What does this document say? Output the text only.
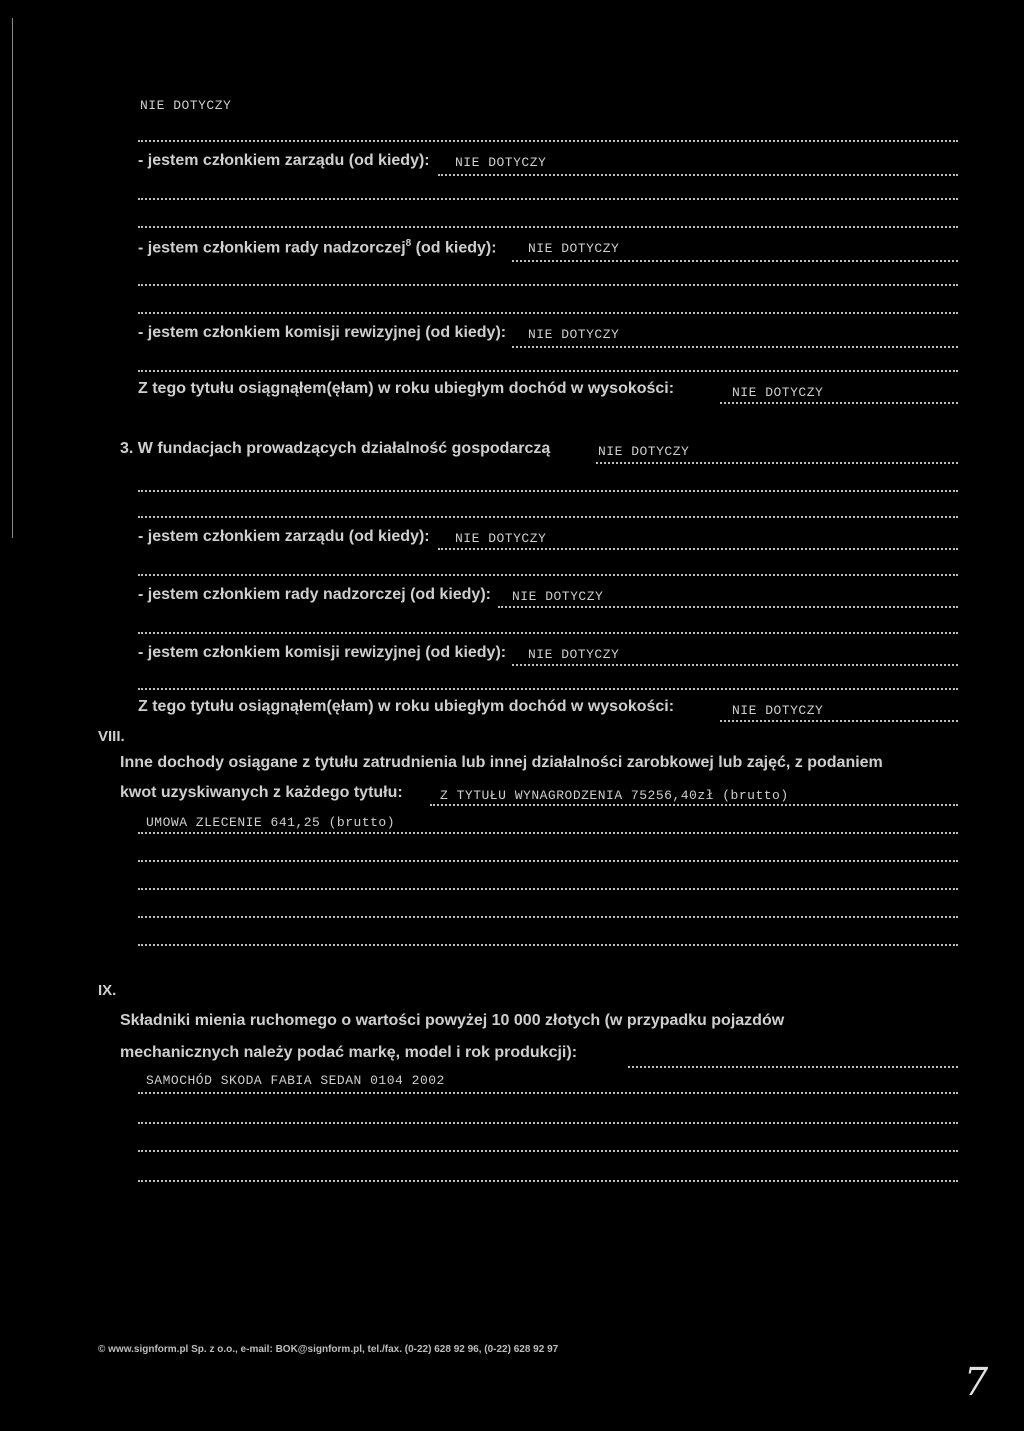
NIE DOTYCZY
- jestem członkiem zarządu (od kiedy): NIE DOTYCZY
- jestem członkiem rady nadzorczej$^8$ (od kiedy): NIE DOTYCZY
- jestem członkiem komisji rewizyjnej (od kiedy): NIE DOTYCZY
Z tego tytułu osiągnąłem(ęłam) w roku ubiegłym dochód w wysokości:	NIE DOTYCZY
3. W fundacjach prowadzących działalność gospodarczą	NIE DOTYCZY
- jestem członkiem zarządu (od kiedy): NIE DOTYCZY
- jestem członkiem rady nadzorczej (od kiedy): NIE DOTYCZY
- jestem członkiem komisji rewizyjnej (od kiedy): NIE DOTYCZY
Z tego tytułu osiągnąłem(ęłam) w roku ubiegłym dochód w wysokości:	NIE DOTYCZY
VIII.
Inne dochody osiągane z tytułu zatrudnienia lub innej działalności zarobkowej lub zajęć, z podaniem
kwot uzyskiwanych z każdego tytułu:	Z TYTUŁU WYNAGRODZENIA 75256,40zł (brutto)
UMOWA ZLECENIE 641,25 (brutto)
IX.
Składniki mienia ruchomego o wartości powyżej 10 000 złotych (w przypadku pojazdów
mechanicznych należy podać markę, model i rok produkcji):
SAMOCHÓD SKODA FABIA SEDAN 0104 2002
© www.signform.pl Sp. z o.o., e-mail: BOK@signform.pl, tel./fax. (0-22) 628 92 96, (0-22) 628 92 97
7
